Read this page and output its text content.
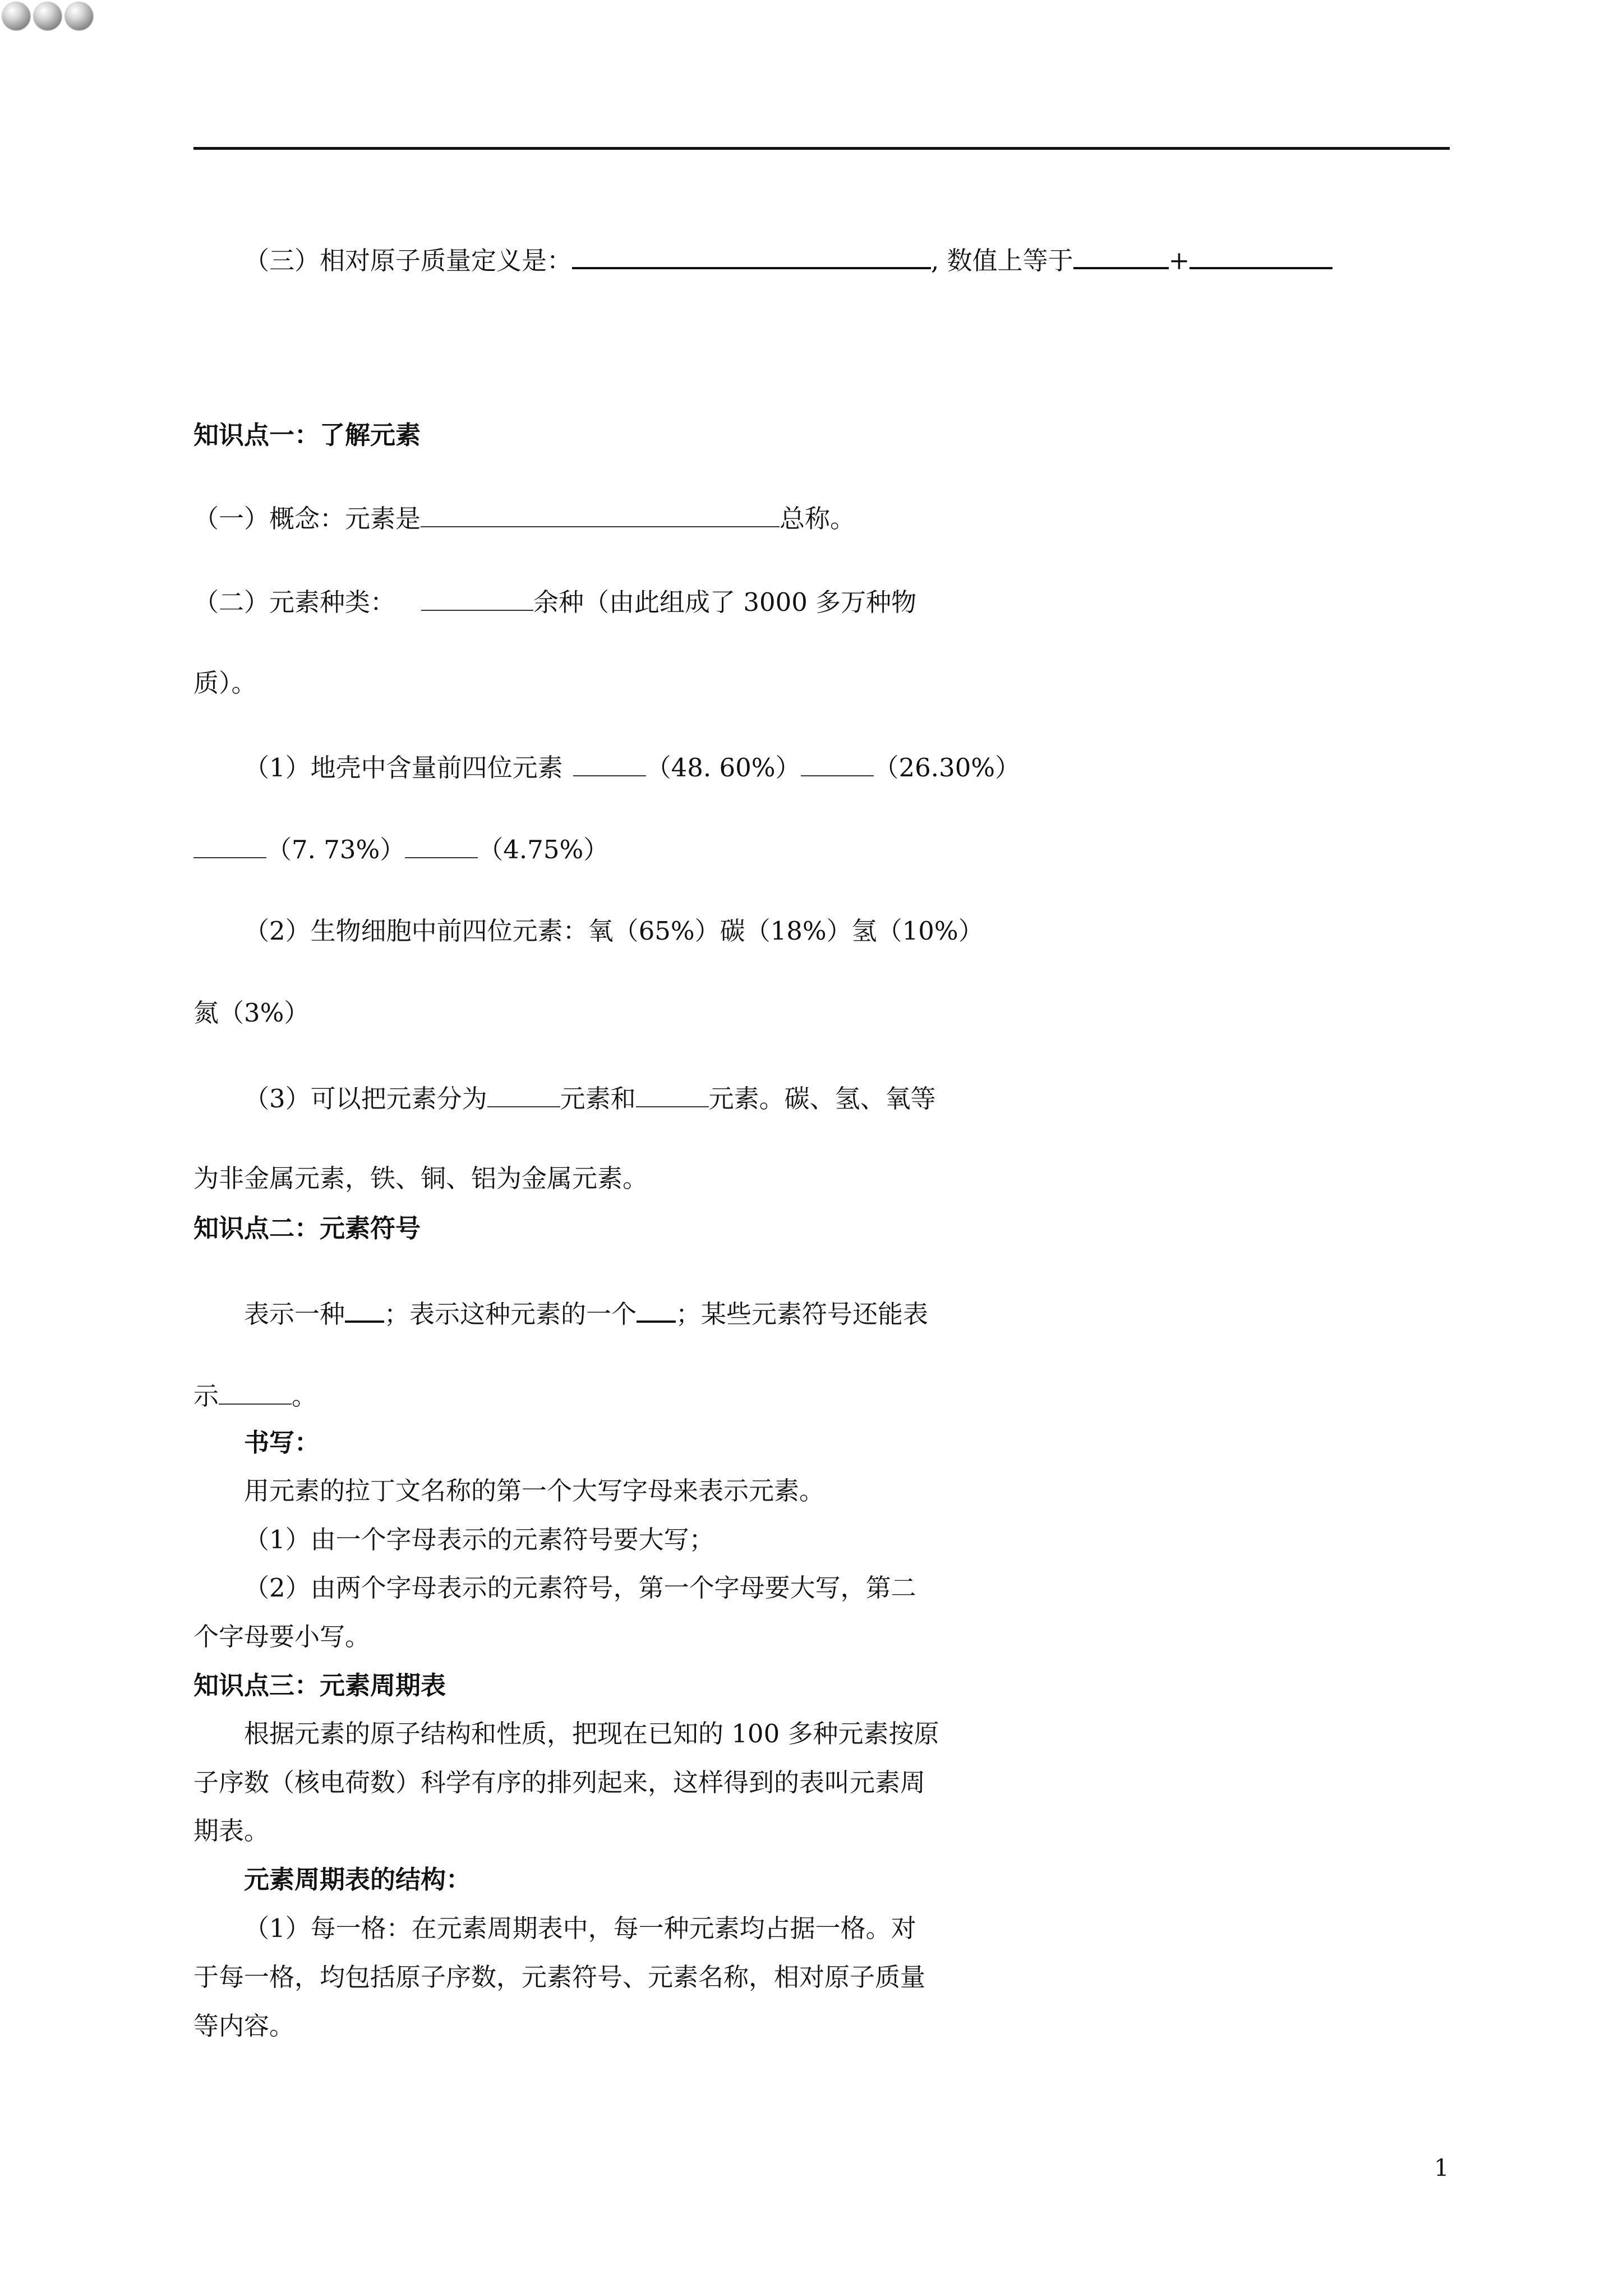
（三）相对原子质量定义是：	, 数值上等于	+
知识点一：了解元素
（一）概念：元素是	总称。
（二）元素种类：	余种（由此组成了 3000 多万种物
质）。
（1）地壳中含量前四位元素	（48. 60%）	（26.30%）
（7. 73%）	（4.75%）
（2）生物细胞中前四位元素：氧（65%）碳（18%）氢（10%）
氮（3%）
（3）可以把元素分为	元素和	元素。碳、氢、氧等
为非金属元素，铁、铜、铝为金属元素。
知识点二：元素符号
表示一种 ；表示这种元素的一个 ；某些元素符号还能表
示	。
书写：
用元素的拉丁文名称的第一个大写字母来表示元素。
（1）由一个字母表示的元素符号要大写；
（2）由两个字母表示的元素符号，第一个字母要大写，第二
个字母要小写。
知识点三：元素周期表
根据元素的原子结构和性质，把现在已知的 100 多种元素按原
子序数（核电荷数）科学有序的排列起来，这样得到的表叫元素周
期表。
元素周期表的结构：
（1）每一格：在元素周期表中，每一种元素均占据一格。对
于每一格，均包括原子序数，元素符号、元素名称，相对原子质量
等内容。
1
